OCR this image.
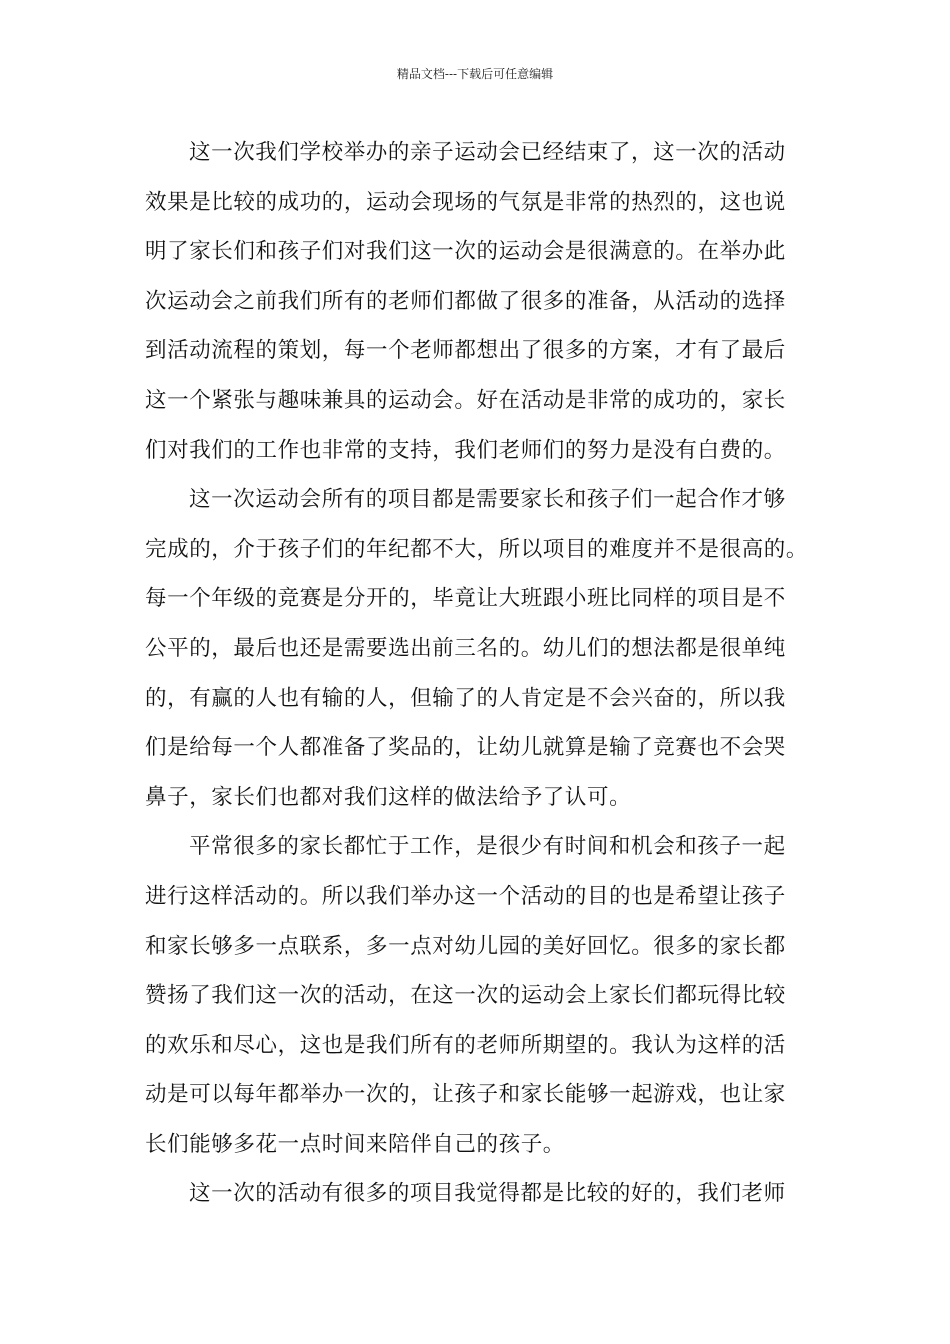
精品文档---下载后可任意编辑
这一次我们学校举办的亲子运动会已经结束了，这一次的活动
效果是比较的成功的，运动会现场的气氛是非常的热烈的，这也说
明了家长们和孩子们对我们这一次的运动会是很满意的。在举办此
次运动会之前我们所有的老师们都做了很多的准备，从活动的选择
到活动流程的策划，每一个老师都想出了很多的方案，才有了最后
这一个紧张与趣味兼具的运动会。好在活动是非常的成功的，家长
们对我们的工作也非常的支持，我们老师们的努力是没有白费的。
这一次运动会所有的项目都是需要家长和孩子们一起合作才够
完成的，介于孩子们的年纪都不大，所以项目的难度并不是很高的。
每一个年级的竞赛是分开的，毕竟让大班跟小班比同样的项目是不
公平的，最后也还是需要选出前三名的。幼儿们的想法都是很单纯
的，有赢的人也有输的人，但输了的人肯定是不会兴奋的，所以我
们是给每一个人都准备了奖品的，让幼儿就算是输了竞赛也不会哭
鼻子，家长们也都对我们这样的做法给予了认可。
平常很多的家长都忙于工作，是很少有时间和机会和孩子一起
进行这样活动的。所以我们举办这一个活动的目的也是希望让孩子
和家长够多一点联系，多一点对幼儿园的美好回忆。很多的家长都
赞扬了我们这一次的活动，在这一次的运动会上家长们都玩得比较
的欢乐和尽心，这也是我们所有的老师所期望的。我认为这样的活
动是可以每年都举办一次的，让孩子和家长能够一起游戏，也让家
长们能够多花一点时间来陪伴自己的孩子。
这一次的活动有很多的项目我觉得都是比较的好的，我们老师
